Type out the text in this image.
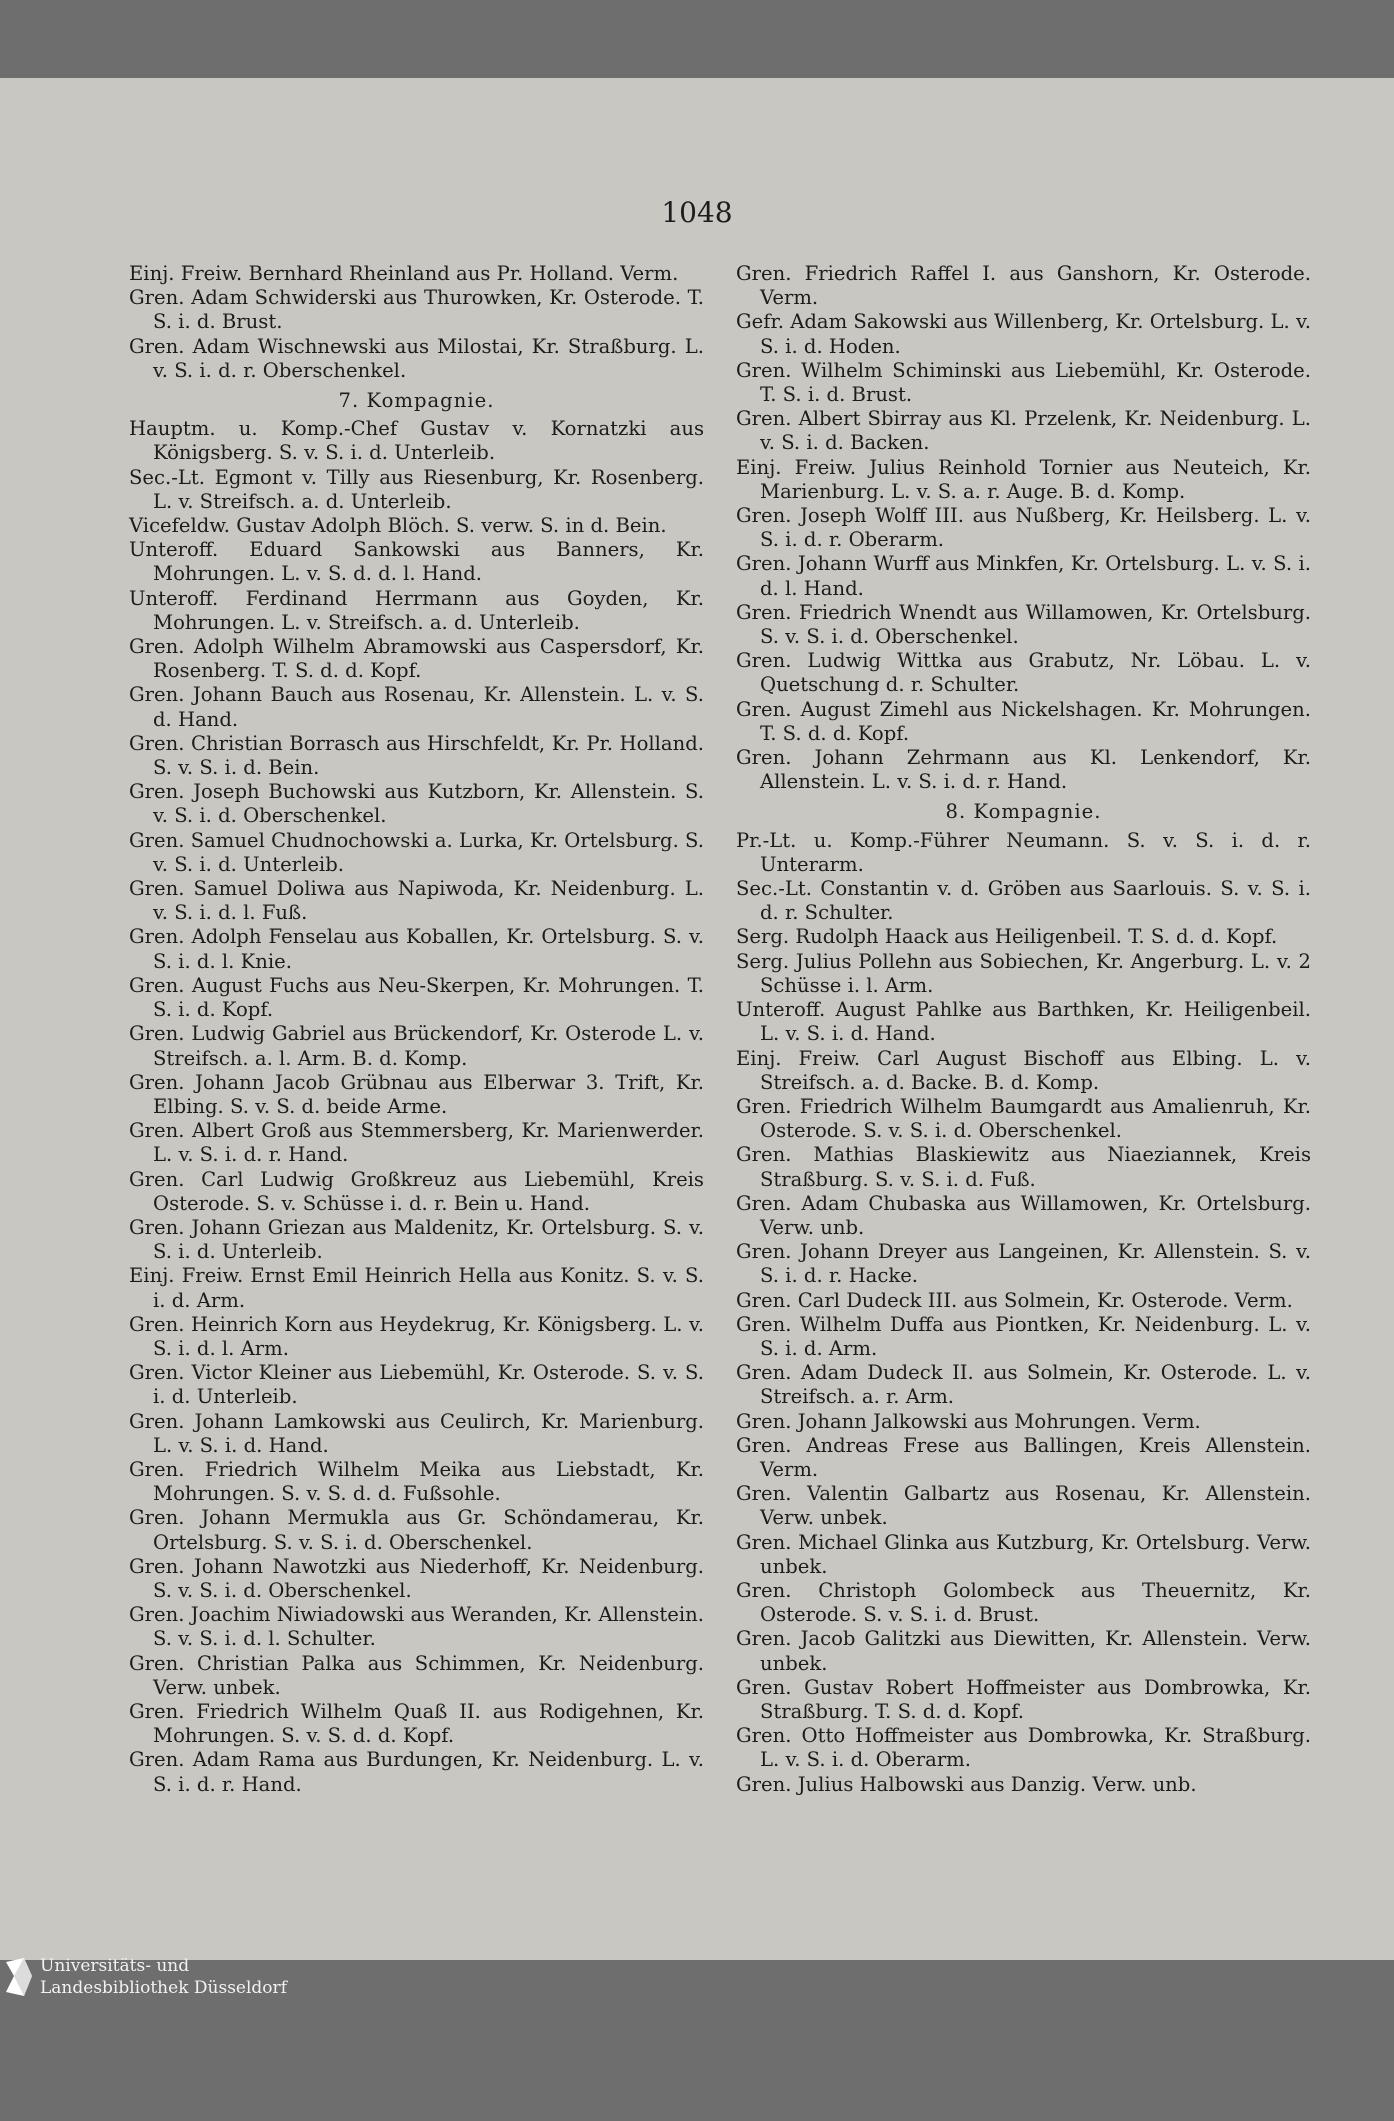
1048

Einj. Freiw. Bernhard Rheinland aus Pr. Holland. Verm.

Gren. Adam Schwiderski aus Thurowken, Kr. Osterode. T. S. i. d. Brust.

Gren. Adam Wischnewski aus Milostai, Kr. Straßburg. L. v. S. i. d. r. Oberschenkel.

7. Kompagnie.

Hauptm. u. Komp.-Chef Gustav v. Kornatzki aus Königsberg. S. v. S. i. d. Unterleib.

Sec.-Lt. Egmont v. Tilly aus Riesenburg, Kr. Rosenberg. L. v. Streifsch. a. d. Unterleib.

Vicefeldw. Gustav Adolph Blöch. S. verw. S. in d. Bein.

Unteroff. Eduard Sankowski aus Banners, Kr. Mohrungen. L. v. S. d. d. l. Hand.

Unteroff. Ferdinand Herrmann aus Goyden, Kr. Mohrungen. L. v. Streifsch. a. d. Unterleib.

Gren. Adolph Wilhelm Abramowski aus Caspersdorf, Kr. Rosenberg. T. S. d. d. Kopf.

Gren. Johann Bauch aus Rosenau, Kr. Allenstein. L. v. S. d. Hand.

Gren. Christian Borrasch aus Hirschfeldt, Kr. Pr. Holland. S. v. S. i. d. Bein.

Gren. Joseph Buchowski aus Kutzborn, Kr. Allenstein. S. v. S. i. d. Oberschenkel.

Gren. Samuel Chudnochowski a. Lurka, Kr. Ortelsburg. S. v. S. i. d. Unterleib.

Gren. Samuel Doliwa aus Napiwoda, Kr. Neidenburg. L. v. S. i. d. l. Fuß.

Gren. Adolph Fenselau aus Koballen, Kr. Ortelsburg. S. v. S. i. d. l. Knie.

Gren. August Fuchs aus Neu-Skerpen, Kr. Mohrungen. T. S. i. d. Kopf.

Gren. Ludwig Gabriel aus Brückendorf, Kr. Osterode L. v. Streifsch. a. l. Arm. B. d. Komp.

Gren. Johann Jacob Grübnau aus Elberwar 3. Trift, Kr. Elbing. S. v. S. d. beide Arme.

Gren. Albert Groß aus Stemmersberg, Kr. Marienwerder. L. v. S. i. d. r. Hand.

Gren. Carl Ludwig Großkreuz aus Liebemühl, Kreis Osterode. S. v. Schüsse i. d. r. Bein u. Hand.

Gren. Johann Griezan aus Maldenitz, Kr. Ortelsburg. S. v. S. i. d. Unterleib.

Einj. Freiw. Ernst Emil Heinrich Hella aus Konitz. S. v. S. i. d. Arm.

Gren. Heinrich Korn aus Heydekrug, Kr. Königsberg. L. v. S. i. d. l. Arm.

Gren. Victor Kleiner aus Liebemühl, Kr. Osterode. S. v. S. i. d. Unterleib.

Gren. Johann Lamkowski aus Ceulirch, Kr. Marienburg. L. v. S. i. d. Hand.

Gren. Friedrich Wilhelm Meika aus Liebstadt, Kr. Mohrungen. S. v. S. d. d. Fußsohle.

Gren. Johann Mermukla aus Gr. Schöndamerau, Kr. Ortelsburg. S. v. S. i. d. Oberschenkel.

Gren. Johann Nawotzki aus Niederhoff, Kr. Neidenburg. S. v. S. i. d. Oberschenkel.

Gren. Joachim Niwiadowski aus Weranden, Kr. Allenstein. S. v. S. i. d. l. Schulter.

Gren. Christian Palka aus Schimmen, Kr. Neidenburg. Verw. unbek.

Gren. Friedrich Wilhelm Quaß II. aus Rodigehnen, Kr. Mohrungen. S. v. S. d. d. Kopf.

Gren. Adam Rama aus Burdungen, Kr. Neidenburg. L. v. S. i. d. r. Hand.

Gren. Friedrich Raffel I. aus Ganshorn, Kr. Osterode. Verm.

Gefr. Adam Sakowski aus Willenberg, Kr. Ortelsburg. L. v. S. i. d. Hoden.

Gren. Wilhelm Schiminski aus Liebemühl, Kr. Osterode. T. S. i. d. Brust.

Gren. Albert Sbirray aus Kl. Przelenk, Kr. Neidenburg. L. v. S. i. d. Backen.

Einj. Freiw. Julius Reinhold Tornier aus Neuteich, Kr. Marienburg. L. v. S. a. r. Auge. B. d. Komp.

Gren. Joseph Wolff III. aus Nußberg, Kr. Heilsberg. L. v. S. i. d. r. Oberarm.

Gren. Johann Wurff aus Minkfen, Kr. Ortelsburg. L. v. S. i. d. l. Hand.

Gren. Friedrich Wnendt aus Willamowen, Kr. Ortelsburg. S. v. S. i. d. Oberschenkel.

Gren. Ludwig Wittka aus Grabutz, Nr. Löbau. L. v. Quetschung d. r. Schulter.

Gren. August Zimehl aus Nickelshagen. Kr. Mohrungen. T. S. d. d. Kopf.

Gren. Johann Zehrmann aus Kl. Lenkendorf, Kr. Allenstein. L. v. S. i. d. r. Hand.

8. Kompagnie.

Pr.-Lt. u. Komp.-Führer Neumann. S. v. S. i. d. r. Unterarm.

Sec.-Lt. Constantin v. d. Gröben aus Saarlouis. S. v. S. i. d. r. Schulter.

Serg. Rudolph Haack aus Heiligenbeil. T. S. d. d. Kopf.

Serg. Julius Pollehn aus Sobiechen, Kr. Angerburg. L. v. 2 Schüsse i. l. Arm.

Unteroff. August Pahlke aus Barthken, Kr. Heiligenbeil. L. v. S. i. d. Hand.

Einj. Freiw. Carl August Bischoff aus Elbing. L. v. Streifsch. a. d. Backe. B. d. Komp.

Gren. Friedrich Wilhelm Baumgardt aus Amalienruh, Kr. Osterode. S. v. S. i. d. Oberschenkel.

Gren. Mathias Blaskiewitz aus Niaeziannek, Kreis Straßburg. S. v. S. i. d. Fuß.

Gren. Adam Chubaska aus Willamowen, Kr. Ortelsburg. Verw. unb.

Gren. Johann Dreyer aus Langeinen, Kr. Allenstein. S. v. S. i. d. r. Hacke.

Gren. Carl Dudeck III. aus Solmein, Kr. Osterode. Verm.

Gren. Wilhelm Duffa aus Piontken, Kr. Neidenburg. L. v. S. i. d. Arm.

Gren. Adam Dudeck II. aus Solmein, Kr. Osterode. L. v. Streifsch. a. r. Arm.

Gren. Johann Jalkowski aus Mohrungen. Verm.

Gren. Andreas Frese aus Ballingen, Kreis Allenstein. Verm.

Gren. Valentin Galbartz aus Rosenau, Kr. Allenstein. Verw. unbek.

Gren. Michael Glinka aus Kutzburg, Kr. Ortelsburg. Verw. unbek.

Gren. Christoph Golombeck aus Theuernitz, Kr. Osterode. S. v. S. i. d. Brust.

Gren. Jacob Galitzki aus Diewitten, Kr. Allenstein. Verw. unbek.

Gren. Gustav Robert Hoffmeister aus Dombrowka, Kr. Straßburg. T. S. d. d. Kopf.

Gren. Otto Hoffmeister aus Dombrowka, Kr. Straßburg. L. v. S. i. d. Oberarm.

Gren. Julius Halbowski aus Danzig. Verw. unb.

Universitäts- und
Landesbibliothek Düsseldorf
